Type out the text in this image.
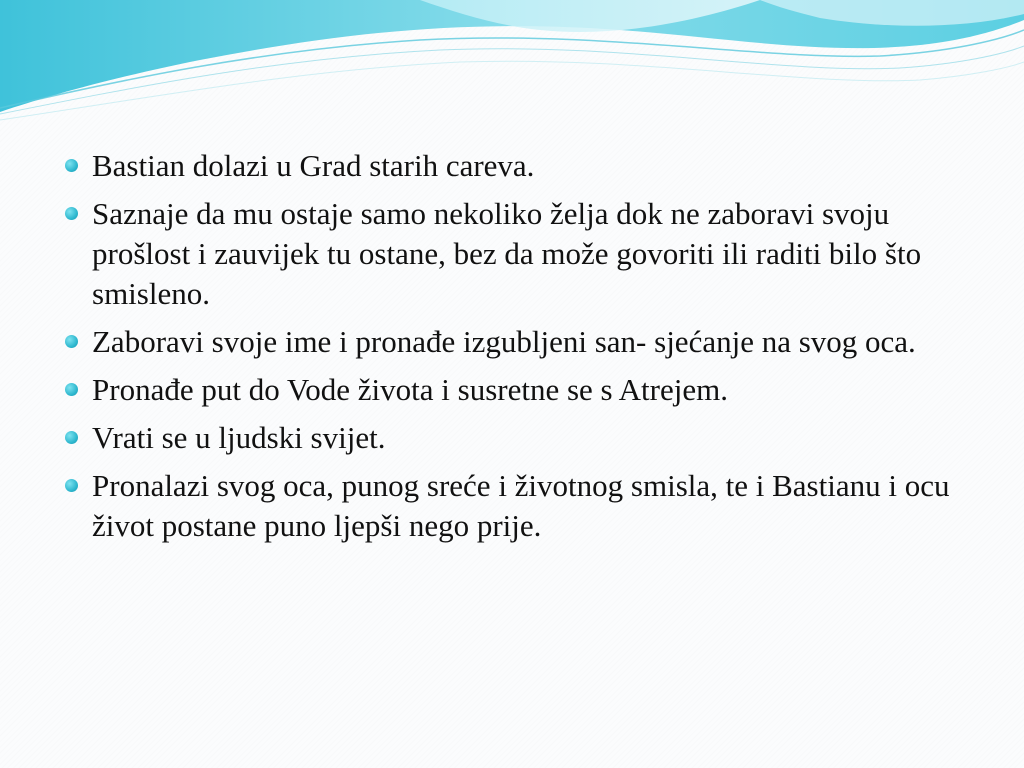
Bastian dolazi u Grad starih careva.
Saznaje da mu ostaje samo nekoliko želja dok ne zaboravi svoju prošlost i zauvijek tu ostane, bez da može govoriti ili raditi bilo što smisleno.
Zaboravi svoje ime i pronađe izgubljeni san- sjećanje na svog oca.
Pronađe put do Vode života i susretne se s Atrejem.
Vrati se u ljudski svijet.
Pronalazi svog oca, punog sreće i životnog smisla, te i Bastianu i ocu život postane puno ljepši nego prije.
